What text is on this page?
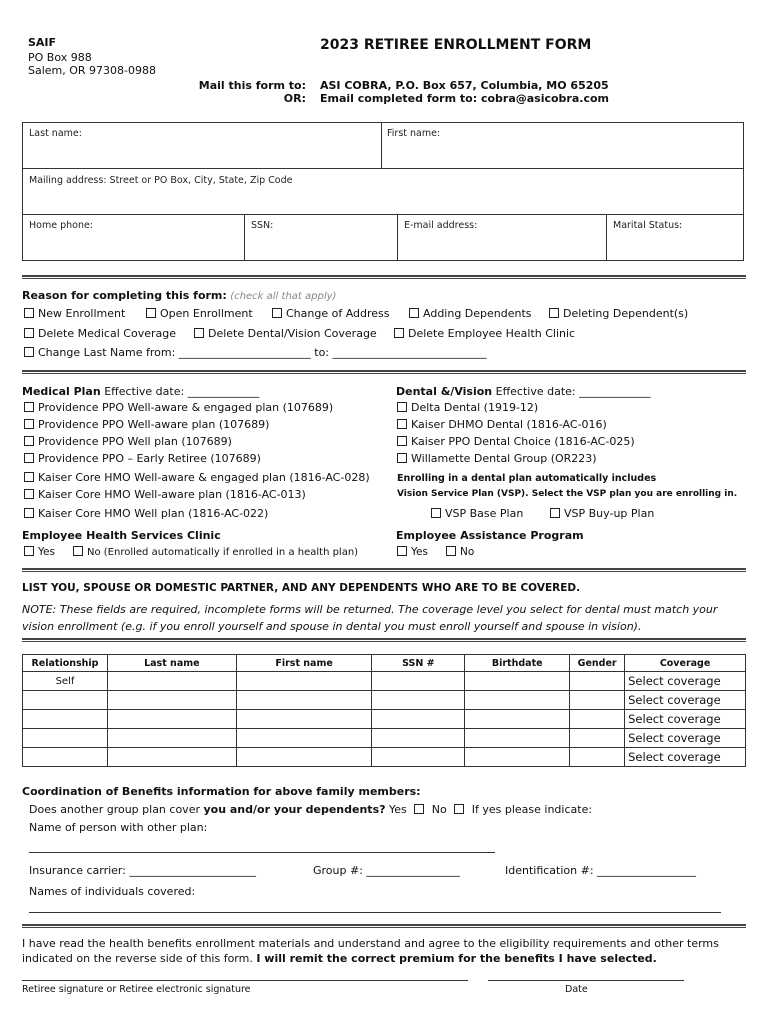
SAIF
PO Box 988
Salem, OR 97308-0988
2023 RETIREE ENROLLMENT FORM
Mail this form to:
OR:
ASI COBRA, P.O. Box 657, Columbia, MO 65205
Email completed form to: cobra@asicobra.com
Last name:	First name:
Mailing address: Street or PO Box, City, State, Zip Code
Home phone:	SSN:	E-mail address:	Marital Status:
Reason for completing this form: (check all that apply)
New Enrollment	Open Enrollment	Change of Address	Adding Dependents	Deleting Dependent(s)
Delete Medical Coverage	Delete Dental/Vision Coverage	Delete Employee Health Clinic
Change Last Name from: ________________________ to: ____________________________
Medical Plan Effective date: _____________
Providence PPO Well-aware & engaged plan (107689)
Providence PPO Well-aware plan (107689)
Providence PPO Well plan (107689)
Providence PPO – Early Retiree (107689)
Kaiser Core HMO Well-aware & engaged plan (1816-AC-028)
Kaiser Core HMO Well-aware plan (1816-AC-013)
Kaiser Core HMO Well plan (1816-AC-022)
Dental &/Vision Effective date: _____________
Delta Dental (1919-12)
Kaiser DHMO Dental (1816-AC-016)
Kaiser PPO Dental Choice (1816-AC-025)
Willamette Dental Group (OR223)
Enrolling in a dental plan automatically includes
Vision Service Plan (VSP). Select the VSP plan you are enrolling in.
VSP Base Plan	VSP Buy-up Plan
Employee Health Services Clinic
Yes	No (Enrolled automatically if enrolled in a health plan)
Employee Assistance Program
Yes	No
LIST YOU, SPOUSE OR DOMESTIC PARTNER, AND ANY DEPENDENTS WHO ARE TO BE COVERED.
NOTE: These fields are required, incomplete forms will be returned. The coverage level you select for dental must match your
vision enrollment (e.g. if you enroll yourself and spouse in dental you must enroll yourself and spouse in vision).
Relationship	Last name	First name	SSN #	Birthdate	Gender	Coverage
Self						Select coverage
						Select coverage
						Select coverage
						Select coverage
						Select coverage
Coordination of Benefits information for above family members:
Does another group plan cover you and/or your dependents? Yes No If yes please indicate:
Name of person with other plan:
Insurance carrier: _______________________	Group #: _________________	Identification #: __________________
Names of individuals covered:
I have read the health benefits enrollment materials and understand and agree to the eligibility requirements and other terms
indicated on the reverse side of this form. I will remit the correct premium for the benefits I have selected.
Retiree signature or Retiree electronic signature	Date
